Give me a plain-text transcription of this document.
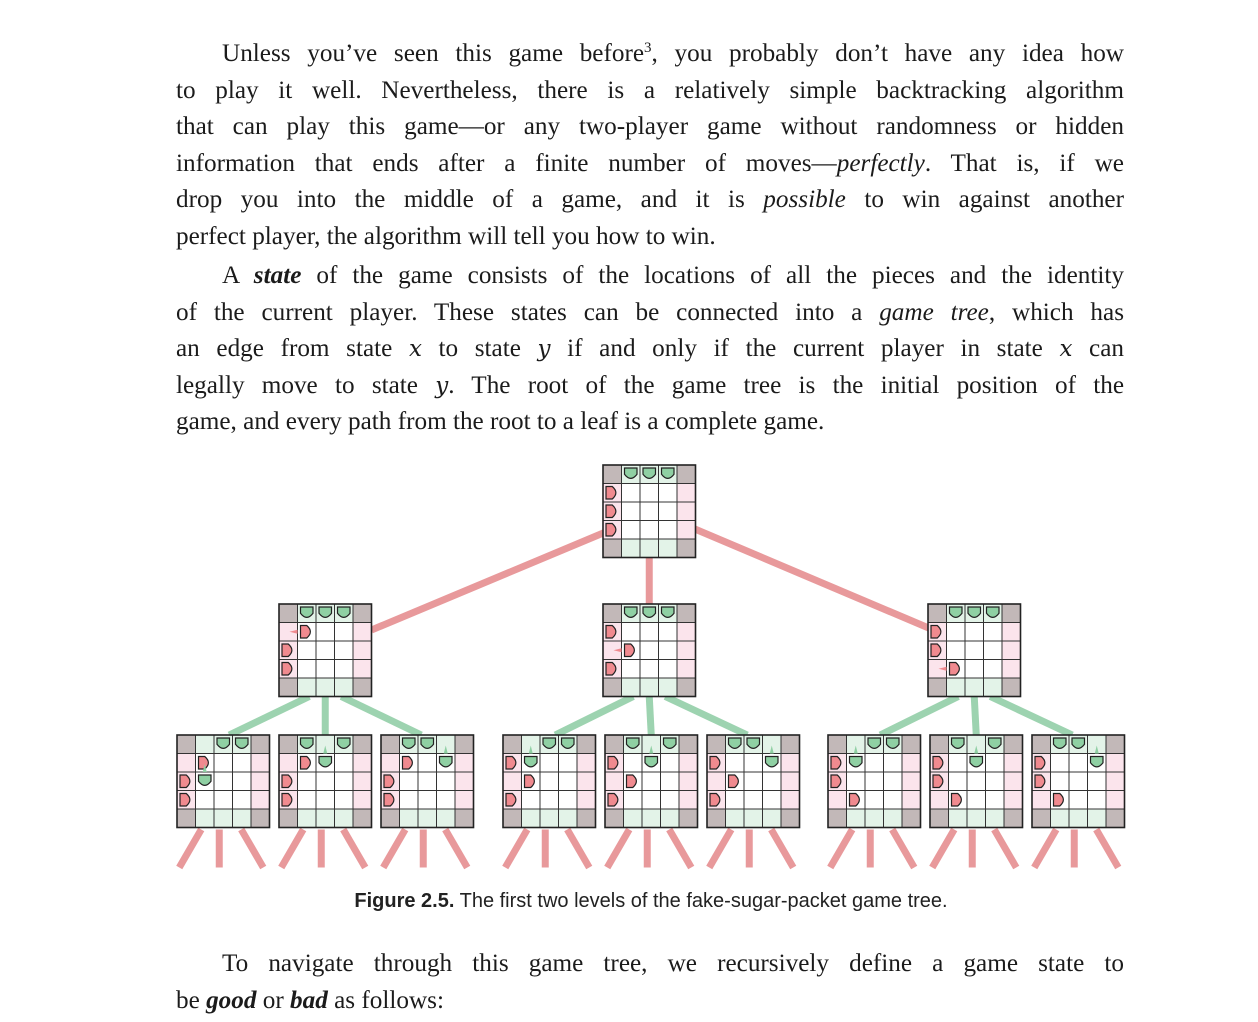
Unless you’ve seen this game before$^3$, you probably don’t have any idea how
to play it well. Nevertheless, there is a relatively simple backtracking algorithm
that can play this game—or any two-player game without randomness or hidden
information that ends after a finite number of moves—perfectly. That is, if we
drop you into the middle of a game, and it is possible to win against another
perfect player, the algorithm will tell you how to win.
A state of the game consists of the locations of all the pieces and the identity
of the current player. These states can be connected into a game tree, which has
an edge from state x to state y if and only if the current player in state x can
legally move to state y. The root of the game tree is the initial position of the
game, and every path from the root to a leaf is a complete game.
Figure 2.5. The first two levels of the fake-sugar-packet game tree.
To navigate through this game tree, we recursively define a game state to
be good or bad as follows:
